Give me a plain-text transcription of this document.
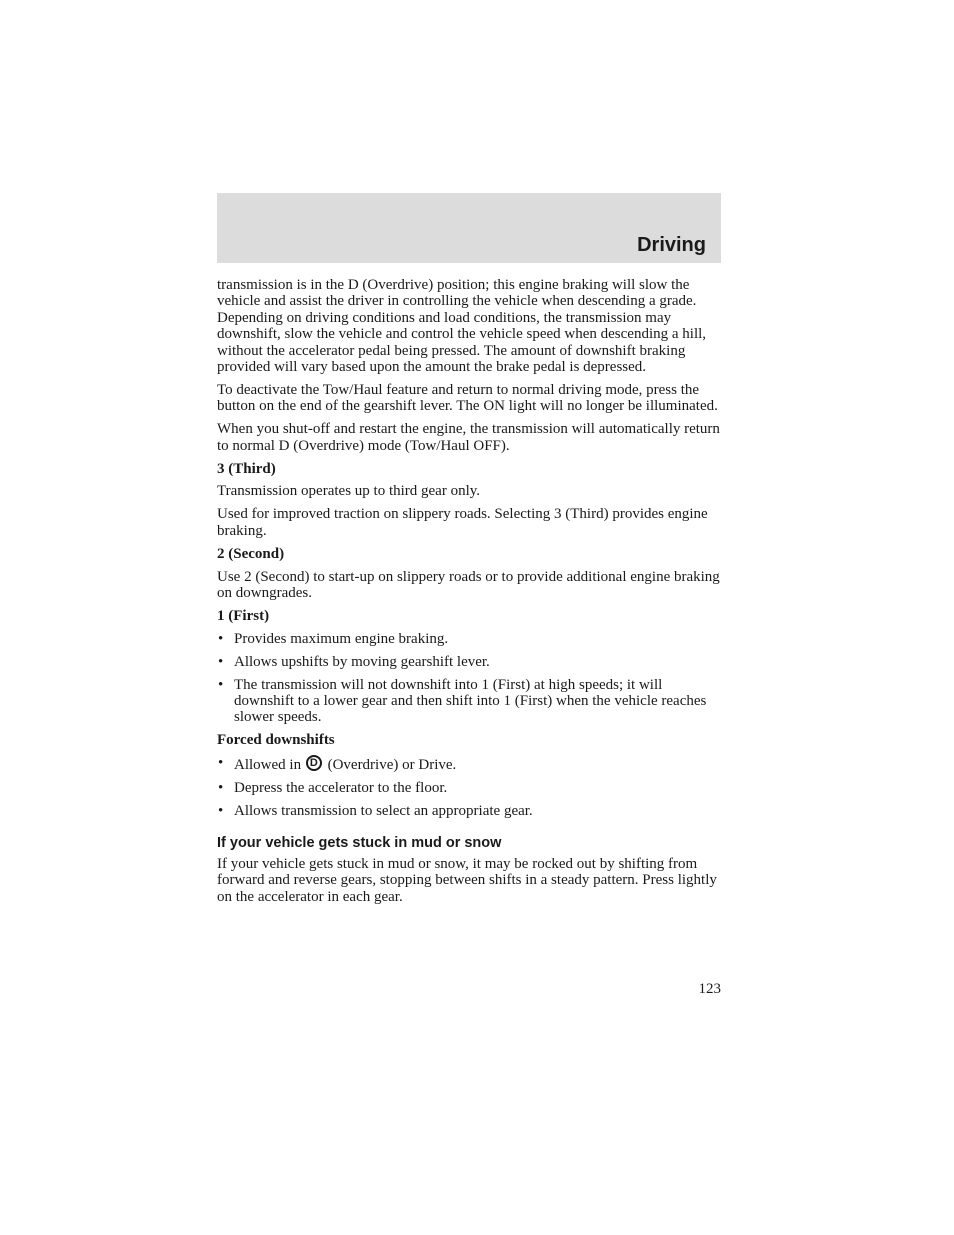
Driving

transmission is in the D (Overdrive) position; this engine braking will slow the vehicle and assist the driver in controlling the vehicle when descending a grade. Depending on driving conditions and load conditions, the transmission may downshift, slow the vehicle and control the vehicle speed when descending a hill, without the accelerator pedal being pressed. The amount of downshift braking provided will vary based upon the amount the brake pedal is depressed.

To deactivate the Tow/Haul feature and return to normal driving mode, press the button on the end of the gearshift lever. The ON light will no longer be illuminated.

When you shut-off and restart the engine, the transmission will automatically return to normal D (Overdrive) mode (Tow/Haul OFF).

3 (Third)

Transmission operates up to third gear only.

Used for improved traction on slippery roads. Selecting 3 (Third) provides engine braking.

2 (Second)

Use 2 (Second) to start-up on slippery roads or to provide additional engine braking on downgrades.

1 (First)
• Provides maximum engine braking.
• Allows upshifts by moving gearshift lever.
• The transmission will not downshift into 1 (First) at high speeds; it will downshift to a lower gear and then shift into 1 (First) when the vehicle reaches slower speeds.
Forced downshifts
• Allowed in D (Overdrive) or Drive.
• Depress the accelerator to the floor.
• Allows transmission to select an appropriate gear.
If your vehicle gets stuck in mud or snow

If your vehicle gets stuck in mud or snow, it may be rocked out by shifting from forward and reverse gears, stopping between shifts in a steady pattern. Press lightly on the accelerator in each gear.

123
